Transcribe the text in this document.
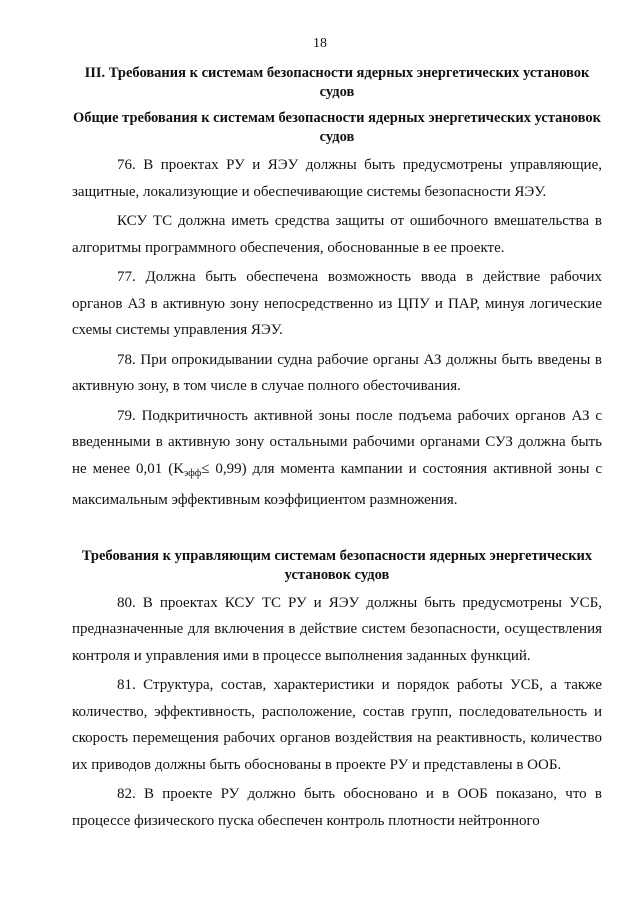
18

III. Требования к системам безопасности ядерных энергетических установок судов

Общие требования к системам безопасности ядерных энергетических установок судов

76. В проектах РУ и ЯЭУ должны быть предусмотрены управляющие, защитные, локализующие и обеспечивающие системы безопасности ЯЭУ.

КСУ ТС должна иметь средства защиты от ошибочного вмешательства в алгоритмы программного обеспечения, обоснованные в ее проекте.

77. Должна быть обеспечена возможность ввода в действие рабочих органов АЗ в активную зону непосредственно из ЦПУ и ПАР, минуя логические схемы системы управления ЯЭУ.

78. При опрокидывании судна рабочие органы АЗ должны быть введены в активную зону, в том числе в случае полного обесточивания.

79. Подкритичность активной зоны после подъема рабочих органов АЗ с введенными в активную зону остальными рабочими органами СУЗ должна быть не менее 0,01 $(K_{эфф}\le 0,99)$ для момента кампании и состояния активной зоны с максимальным эффективным коэффициентом размножения.

Требования к управляющим системам безопасности ядерных энергетических установок судов

80. В проектах КСУ ТС РУ и ЯЭУ должны быть предусмотрены УСБ, предназначенные для включения в действие систем безопасности, осуществления контроля и управления ими в процессе выполнения заданных функций.

81. Структура, состав, характеристики и порядок работы УСБ, а также количество, эффективность, расположение, состав групп, последовательность и скорость перемещения рабочих органов воздействия на реактивность, количество их приводов должны быть обоснованы в проекте РУ и представлены в ООБ.

82. В проекте РУ должно быть обосновано и в ООБ показано, что в процессе физического пуска обеспечен контроль плотности нейтронного
